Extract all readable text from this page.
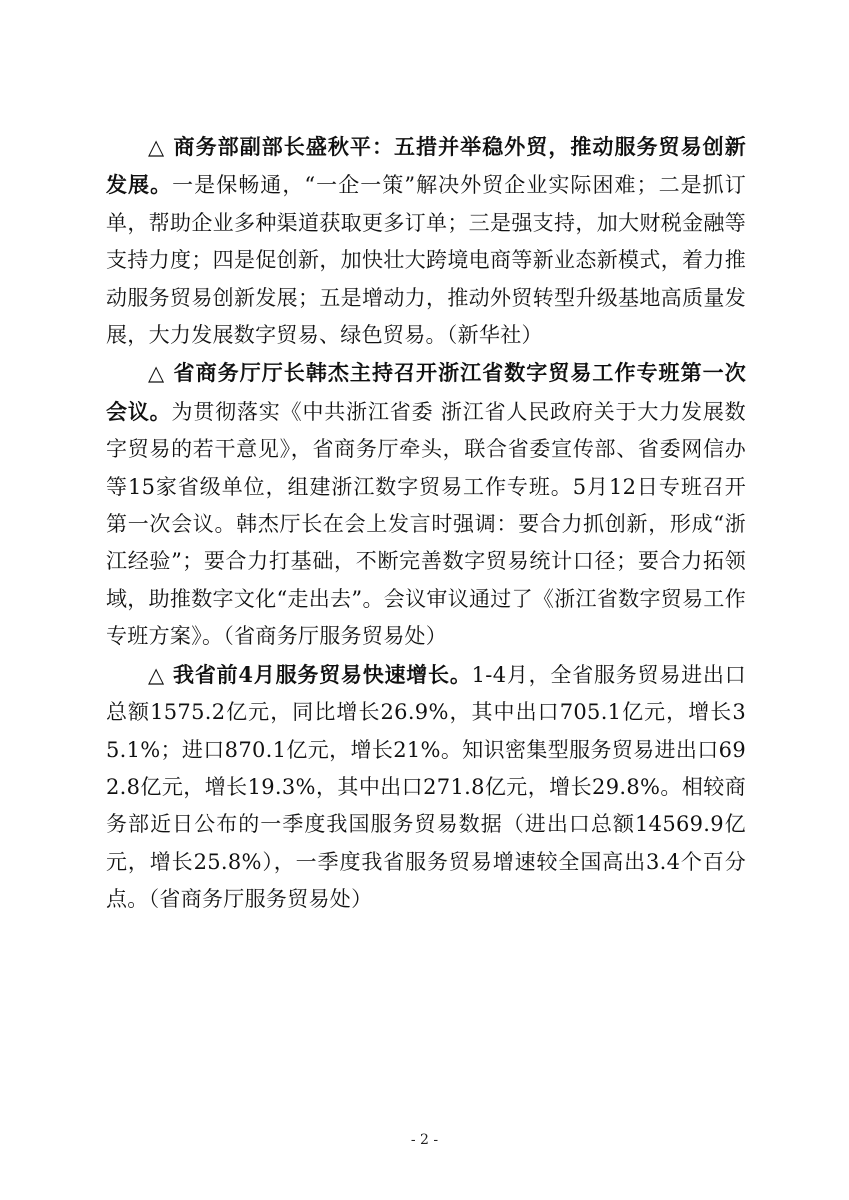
△ 商务部副部长盛秋平：五措并举稳外贸，推动服务贸易创新发展。一是保畅通，“一企一策”解决外贸企业实际困难；二是抓订单，帮助企业多种渠道获取更多订单；三是强支持，加大财税金融等支持力度；四是促创新，加快壮大跨境电商等新业态新模式，着力推动服务贸易创新发展；五是增动力，推动外贸转型升级基地高质量发展，大力发展数字贸易、绿色贸易。（新华社）

△ 省商务厅厅长韩杰主持召开浙江省数字贸易工作专班第一次会议。为贯彻落实《中共浙江省委 浙江省人民政府关于大力发展数字贸易的若干意见》，省商务厅牵头，联合省委宣传部、省委网信办等15家省级单位，组建浙江数字贸易工作专班。5月12日专班召开第一次会议。韩杰厅长在会上发言时强调：要合力抓创新，形成“浙江经验”；要合力打基础，不断完善数字贸易统计口径；要合力拓领域，助推数字文化“走出去”。会议审议通过了《浙江省数字贸易工作专班方案》。（省商务厅服务贸易处）

△ 我省前4月服务贸易快速增长。1-4月，全省服务贸易进出口总额1575.2亿元，同比增长26.9%，其中出口705.1亿元，增长35.1%；进口870.1亿元，增长21%。知识密集型服务贸易进出口692.8亿元，增长19.3%，其中出口271.8亿元，增长29.8%。相较商务部近日公布的一季度我国服务贸易数据（进出口总额14569.9亿元，增长25.8%），一季度我省服务贸易增速较全国高出3.4个百分点。（省商务厅服务贸易处）

- 2 -
